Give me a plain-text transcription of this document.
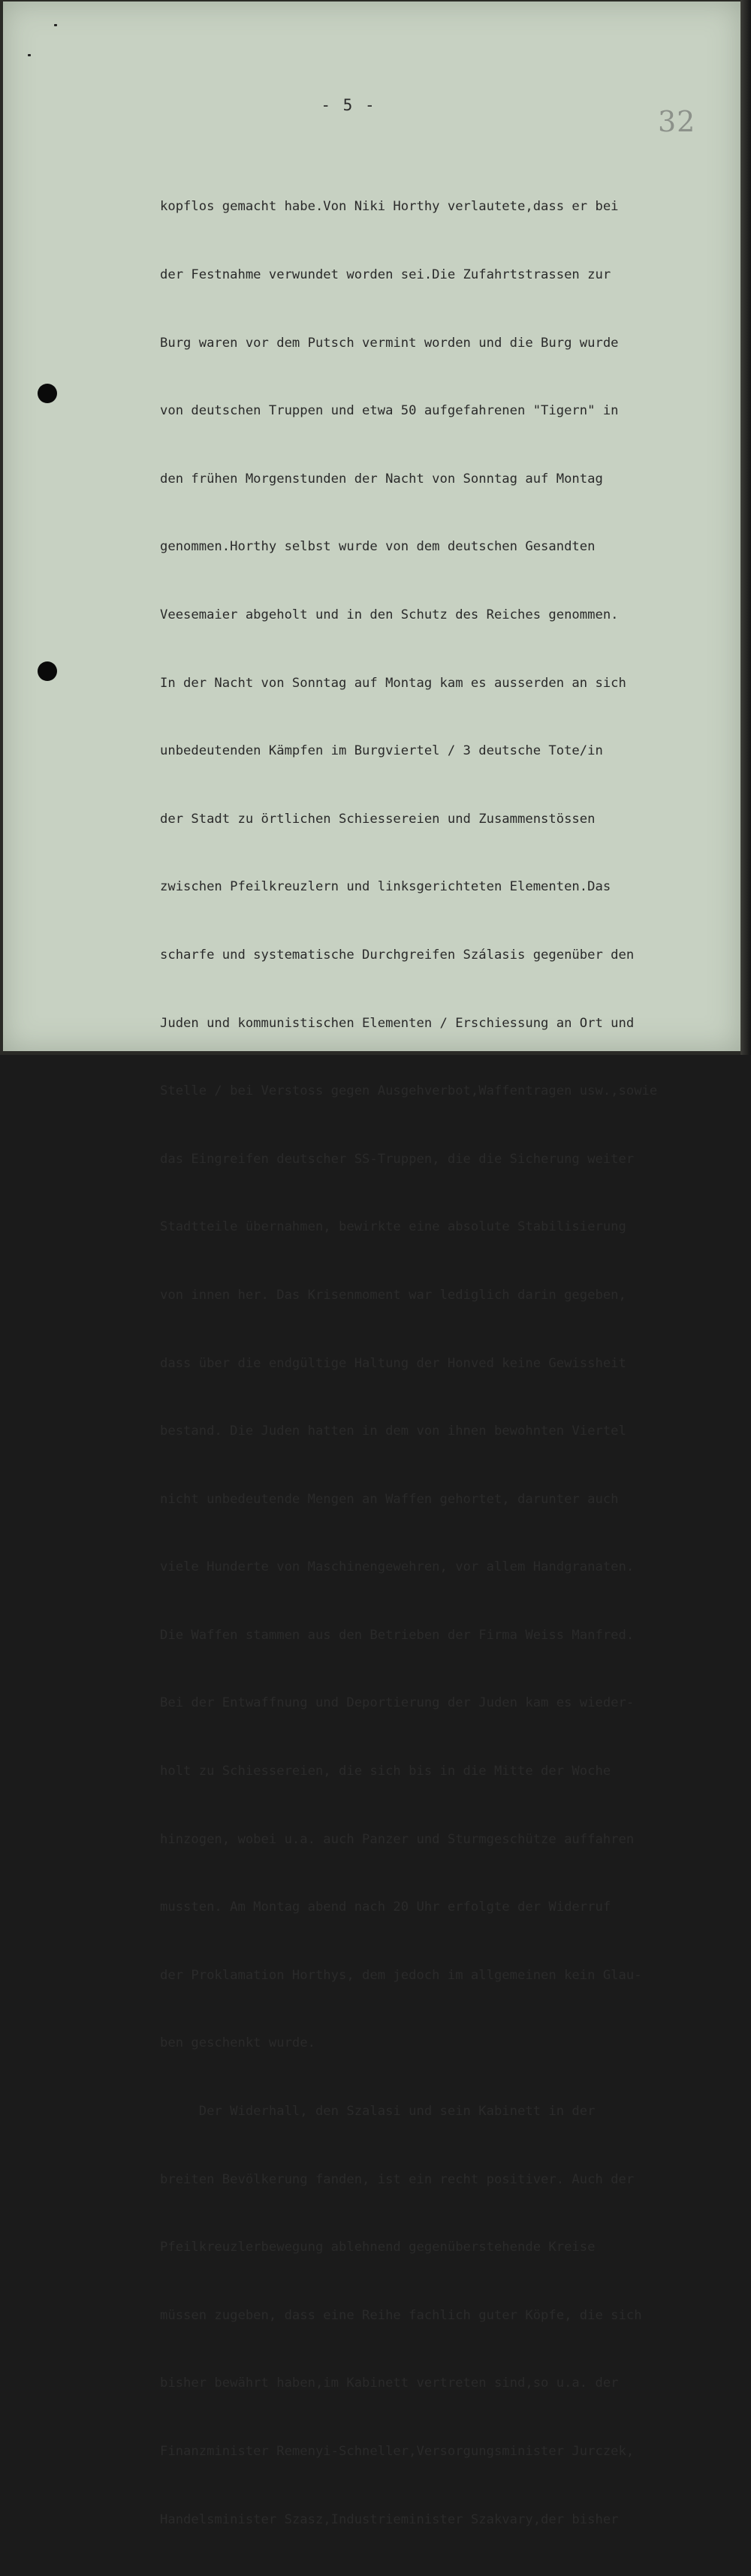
- 5 -	32

kopflos gemacht habe.Von Niki Horthy verlautete,dass er bei

der Festnahme verwundet worden sei.Die Zufahrtstrassen zur

Burg waren vor dem Putsch vermint worden und die Burg wurde

von deutschen Truppen und etwa 50 aufgefahrenen "Tigern" in

den frühen Morgenstunden der Nacht von Sonntag auf Montag

genommen.Horthy selbst wurde von dem deutschen Gesandten

Veesemaier abgeholt und in den Schutz des Reiches genommen.

In der Nacht von Sonntag auf Montag kam es ausserden an sich

unbedeutenden Kämpfen im Burgviertel / 3 deutsche Tote/in

der Stadt zu örtlichen Schiessereien und Zusammenstössen

zwischen Pfeilkreuzlern und linksgerichteten Elementen.Das

scharfe und systematische Durchgreifen Szálasis gegenüber den

Juden und kommunistischen Elementen / Erschiessung an Ort und

Stelle / bei Verstoss gegen Ausgehverbot,Waffentragen usw.,sowie

das Eingreifen deutscher SS-Truppen, die die Sicherung weiter

Stadtteile übernahmen, bewirkte eine absolute Stabilisierung

von innen her. Das Krisenmoment war lediglich darin gegeben,

dass über die endgültige Haltung der Honved keine Gewissheit

bestand. Die Juden hatten in dem von ihnen bewohnten Viertel

nicht unbedeutende Mengen an Waffen gehortet, darunter auch

viele Hunderte von Maschinengewehren, vor allem Handgranaten.

Die Waffen stammen aus den Betrieben der Firma Weiss Manfred.

Bei der Entwaffnung und Deportierung der Juden kam es wieder-

holt zu Schiessereien, die sich bis in die Mitte der Woche

hinzogen, wobei u.a. auch Panzer und Sturmgeschütze auffahren

mussten. Am Montag abend nach 20 Uhr erfolgte der Widerruf

der Proklamation Horthys, dem jedoch im allgemeinen kein Glau-

ben geschenkt wurde.

Der Widerhall, den Szalasi und sein Kabinett in der

breiten Bevölkerung fanden, ist ein recht positiver. Auch der

Pfeilkreuzlerbewegung ablehnend gegenüberstehende Kreise

müssen zugeben, dass eine Reihe fachlich guter Köpfe, die sich

bisher bewährt haben,im Kabinett vertreten sind,so u.a. der

Finanzminister Remenyi-Schneller,Versorgungsminister Jurczek,

Handelsminister Szasz,Industrieminister Szakvary,der bisher
